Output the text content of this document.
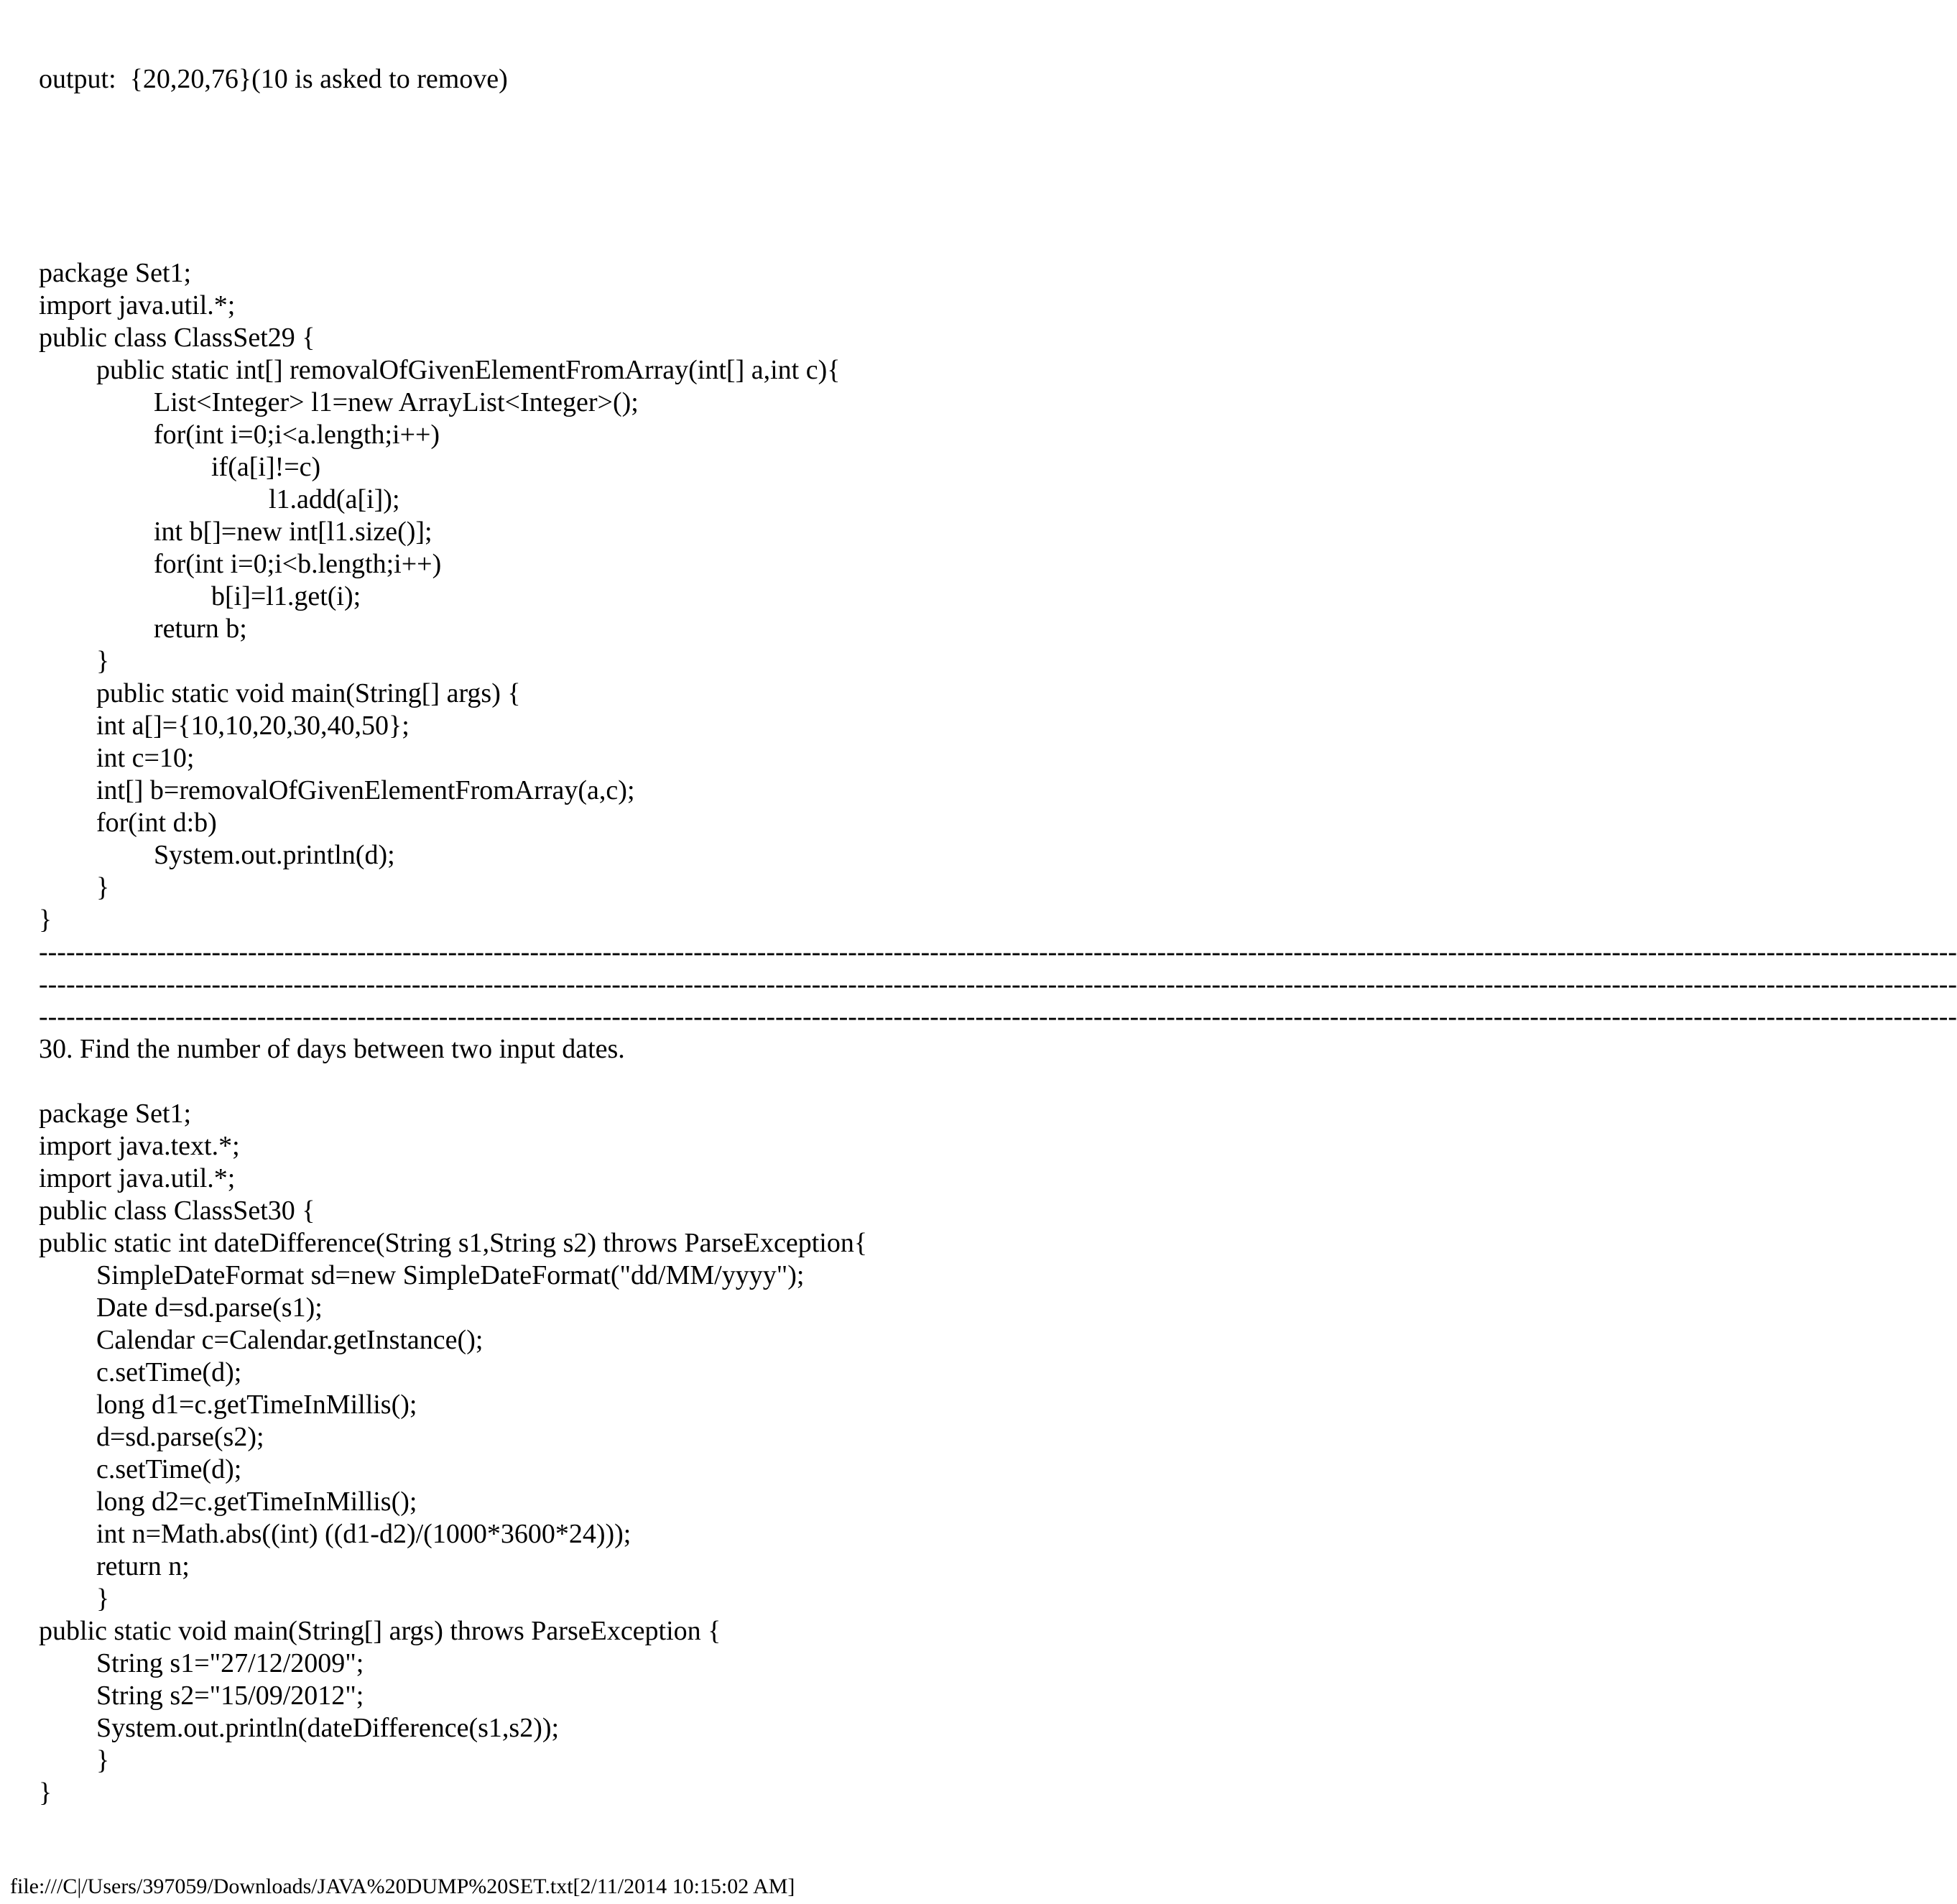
output:  {20,20,76}(10 is asked to remove)
package Set1;
import java.util.*;
public class ClassSet29 {
public static int[] removalOfGivenElementFromArray(int[] a,int c){
List<Integer> l1=new ArrayList<Integer>();
for(int i=0;i<a.length;i++)
if(a[i]!=c)
l1.add(a[i]);
int b[]=new int[l1.size()];
for(int i=0;i<b.length;i++)
b[i]=l1.get(i);
return b;
}
public static void main(String[] args) {
int a[]={10,10,20,30,40,50};
int c=10;
int[] b=removalOfGivenElementFromArray(a,c);
for(int d:b)
System.out.println(d);
}
}
-------------------------------------------------------------------------------------------------------------------------------------------------------------------------------------------------------------------
-------------------------------------------------------------------------------------------------------------------------------------------------------------------------------------------------------------------
-------------------------------------------------------------------------------------------------------------------------------------------------------------------------------------------------------------------
30. Find the number of days between two input dates.
package Set1;
import java.text.*;
import java.util.*;
public class ClassSet30 {
public static int dateDifference(String s1,String s2) throws ParseException{
SimpleDateFormat sd=new SimpleDateFormat("dd/MM/yyyy");
Date d=sd.parse(s1);
Calendar c=Calendar.getInstance();
c.setTime(d);
long d1=c.getTimeInMillis();
d=sd.parse(s2);
c.setTime(d);
long d2=c.getTimeInMillis();
int n=Math.abs((int) ((d1-d2)/(1000*3600*24)));
return n;
}
public static void main(String[] args) throws ParseException {
String s1="27/12/2009";
String s2="15/09/2012";
System.out.println(dateDifference(s1,s2));
}
}
file:///C|/Users/397059/Downloads/JAVA%20DUMP%20SET.txt[2/11/2014 10:15:02 AM]
